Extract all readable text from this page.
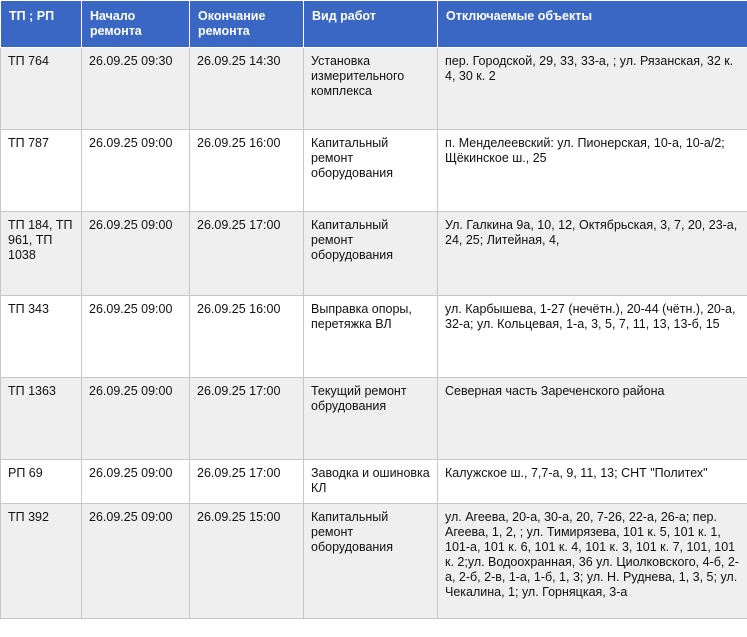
ТП ; РП	Начало ремонта	Окончание ремонта	Вид работ	Отключаемые объекты
ТП 764	26.09.25 09:30	26.09.25 14:30	Установка измерительного комплекса	пер. Городской, 29, 33, 33-а, ; ул. Рязанская, 32 к. 4, 30 к. 2
ТП 787	26.09.25 09:00	26.09.25 16:00	Капитальный ремонт оборудования	п. Менделеевский: ул. Пионерская, 10-а, 10-а/2; Щёкинское ш., 25
ТП 184, ТП 961, ТП 1038	26.09.25 09:00	26.09.25 17:00	Капитальный ремонт оборудования	Ул. Галкина 9а, 10, 12, Октябрьская, 3, 7, 20, 23-а, 24, 25; Литейная, 4,
ТП 343	26.09.25 09:00	26.09.25 16:00	Выправка опоры, перетяжка ВЛ	ул. Карбышева, 1-27 (нечётн.), 20-44 (чётн.), 20-а, 32-а; ул. Кольцевая, 1-а, 3, 5, 7, 11, 13, 13-б, 15
ТП 1363	26.09.25 09:00	26.09.25 17:00	Текущий ремонт обрудования	Северная часть Зареченского района
РП 69	26.09.25 09:00	26.09.25 17:00	Заводка и ошиновка КЛ	Калужское ш., 7,7-а, 9, 11, 13; СНТ "Политех"
ТП 392	26.09.25 09:00	26.09.25 15:00	Капитальный ремонт оборудования	ул. Агеева, 20-а, 30-а, 20, 7-26, 22-а, 26-а; пер. Агеева, 1, 2, ; ул. Тимирязева, 101 к. 5, 101 к. 1, 101-а, 101 к. 6, 101 к. 4, 101 к. 3, 101 к. 7, 101, 101 к. 2;ул. Водоохранная, 36 ул. Циолковского, 4-б, 2-а, 2-б, 2-в, 1-а, 1-б, 1, 3; ул. Н. Руднева, 1, 3, 5; ул. Чекалина, 1; ул. Горняцкая, 3-а
